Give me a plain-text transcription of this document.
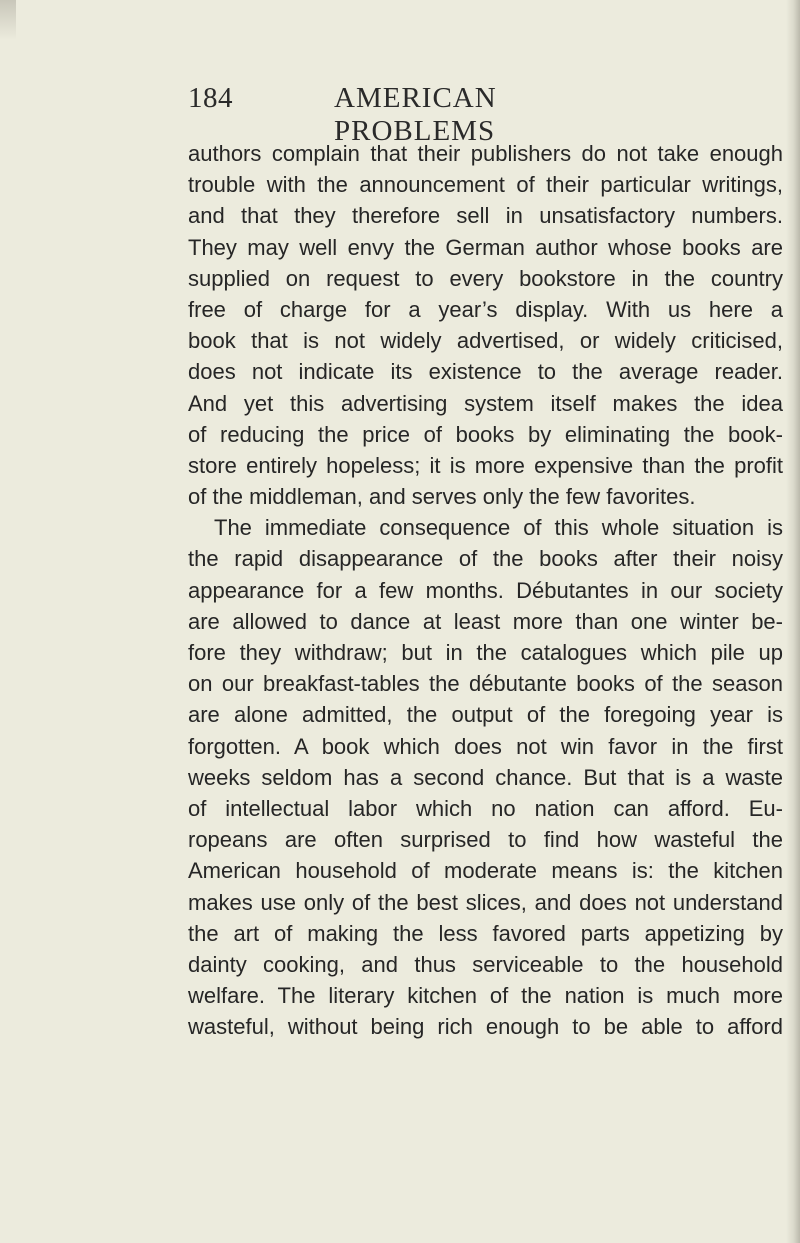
184	AMERICAN PROBLEMS
authors complain that their publishers do not take enough
trouble with the announcement of their particular writings,
and that they therefore sell in unsatisfactory numbers.
They may well envy the German author whose books are
supplied on request to every bookstore in the country
free of charge for a year’s display. With us here a
book that is not widely advertised, or widely criticised,
does not indicate its existence to the average reader.
And yet this advertising system itself makes the idea
of reducing the price of books by eliminating the book-
store entirely hopeless; it is more expensive than the profit
of the middleman, and serves only the few favorites.
The immediate consequence of this whole situation is
the rapid disappearance of the books after their noisy
appearance for a few months. Débutantes in our society
are allowed to dance at least more than one winter be-
fore they withdraw; but in the catalogues which pile up
on our breakfast-tables the débutante books of the season
are alone admitted, the output of the foregoing year is
forgotten. A book which does not win favor in the first
weeks seldom has a second chance. But that is a waste
of intellectual labor which no nation can afford. Eu-
ropeans are often surprised to find how wasteful the
American household of moderate means is: the kitchen
makes use only of the best slices, and does not understand
the art of making the less favored parts appetizing by
dainty cooking, and thus serviceable to the household
welfare. The literary kitchen of the nation is much more
wasteful, without being rich enough to be able to afford
